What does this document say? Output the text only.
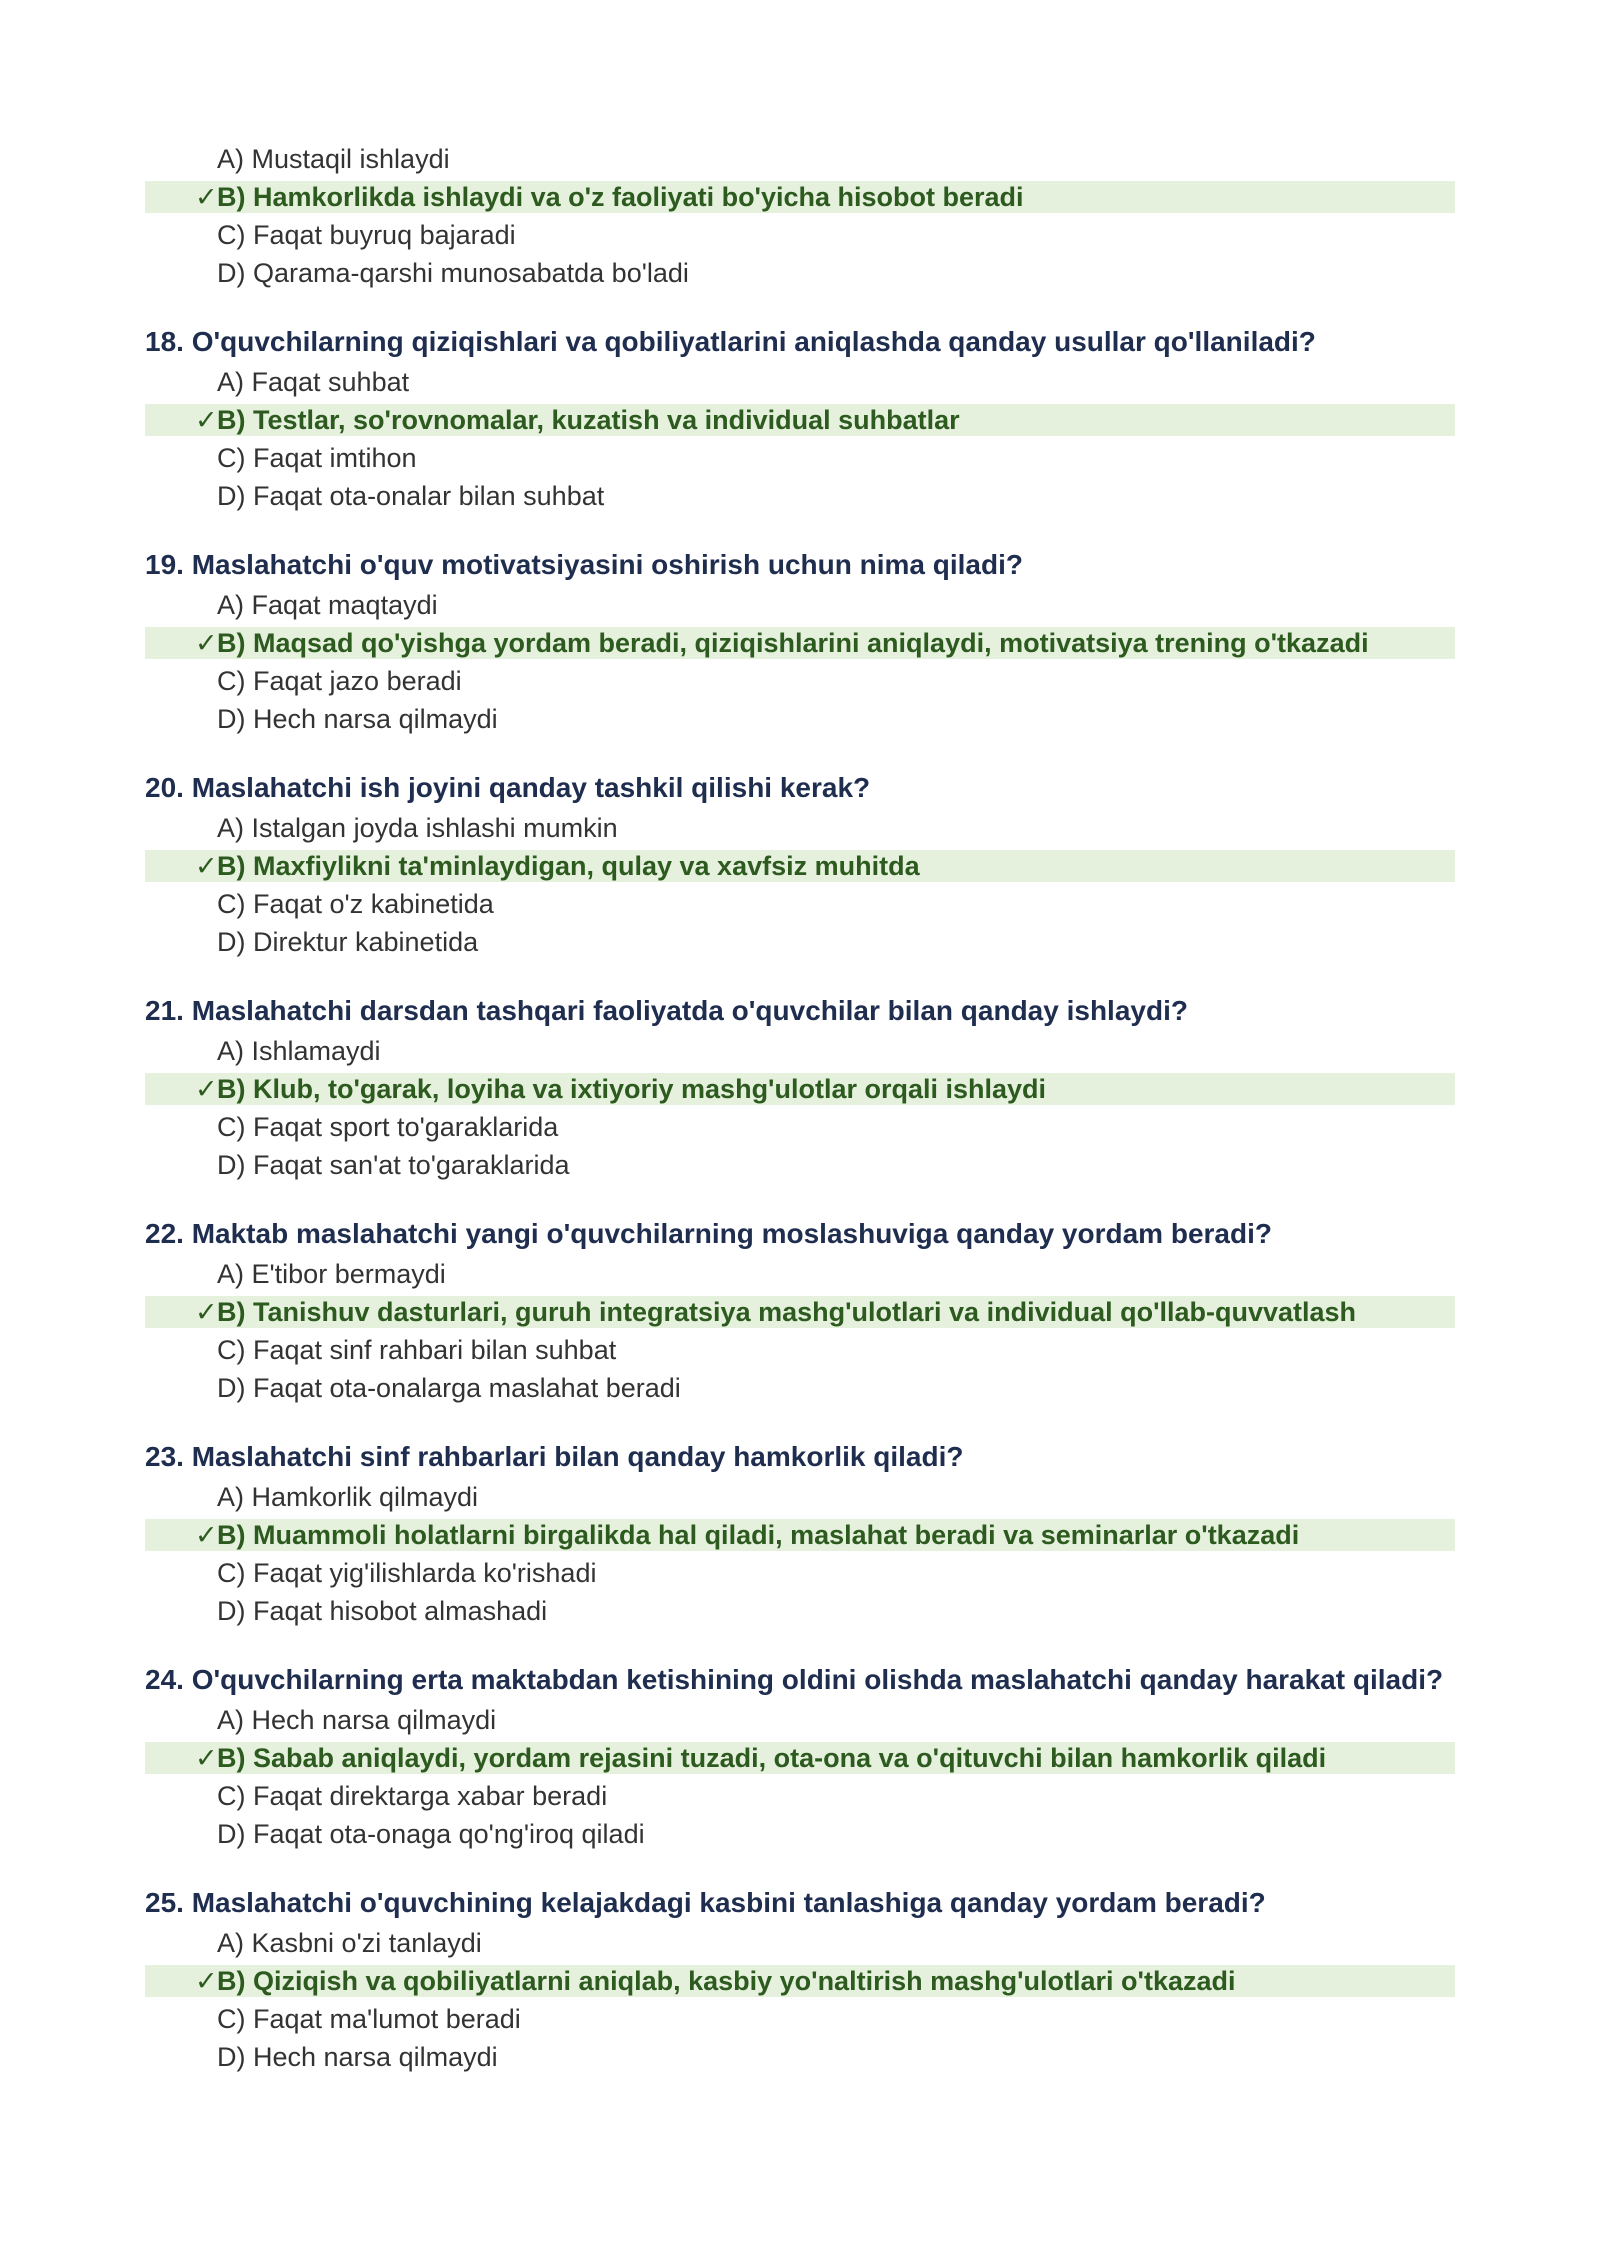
A) Mustaqil ishlaydi
✓B) Hamkorlikda ishlaydi va o'z faoliyati bo'yicha hisobot beradi
C) Faqat buyruq bajaradi
D) Qarama-qarshi munosabatda bo'ladi
18. O'quvchilarning qiziqishlari va qobiliyatlarini aniqlashda qanday usullar qo'llaniladi?
A) Faqat suhbat
✓B) Testlar, so'rovnomalar, kuzatish va individual suhbatlar
C) Faqat imtihon
D) Faqat ota-onalar bilan suhbat
19. Maslahatchi o'quv motivatsiyasini oshirish uchun nima qiladi?
A) Faqat maqtaydi
✓B) Maqsad qo'yishga yordam beradi, qiziqishlarini aniqlaydi, motivatsiya trening o'tkazadi
C) Faqat jazo beradi
D) Hech narsa qilmaydi
20. Maslahatchi ish joyini qanday tashkil qilishi kerak?
A) Istalgan joyda ishlashi mumkin
✓B) Maxfiylikni ta'minlaydigan, qulay va xavfsiz muhitda
C) Faqat o'z kabinetida
D) Direktur kabinetida
21. Maslahatchi darsdan tashqari faoliyatda o'quvchilar bilan qanday ishlaydi?
A) Ishlamaydi
✓B) Klub, to'garak, loyiha va ixtiyoriy mashg'ulotlar orqali ishlaydi
C) Faqat sport to'garaklarida
D) Faqat san'at to'garaklarida
22. Maktab maslahatchi yangi o'quvchilarning moslashuviga qanday yordam beradi?
A) E'tibor bermaydi
✓B) Tanishuv dasturlari, guruh integratsiya mashg'ulotlari va individual qo'llab-quvvatlash
C) Faqat sinf rahbari bilan suhbat
D) Faqat ota-onalarga maslahat beradi
23. Maslahatchi sinf rahbarlari bilan qanday hamkorlik qiladi?
A) Hamkorlik qilmaydi
✓B) Muammoli holatlarni birgalikda hal qiladi, maslahat beradi va seminarlar o'tkazadi
C) Faqat yig'ilishlarda ko'rishadi
D) Faqat hisobot almashadi
24. O'quvchilarning erta maktabdan ketishining oldini olishda maslahatchi qanday harakat qiladi?
A) Hech narsa qilmaydi
✓B) Sabab aniqlaydi, yordam rejasini tuzadi, ota-ona va o'qituvchi bilan hamkorlik qiladi
C) Faqat direktarga xabar beradi
D) Faqat ota-onaga qo'ng'iroq qiladi
25. Maslahatchi o'quvchining kelajakdagi kasbini tanlashiga qanday yordam beradi?
A) Kasbni o'zi tanlaydi
✓B) Qiziqish va qobiliyatlarni aniqlab, kasbiy yo'naltirish mashg'ulotlari o'tkazadi
C) Faqat ma'lumot beradi
D) Hech narsa qilmaydi
